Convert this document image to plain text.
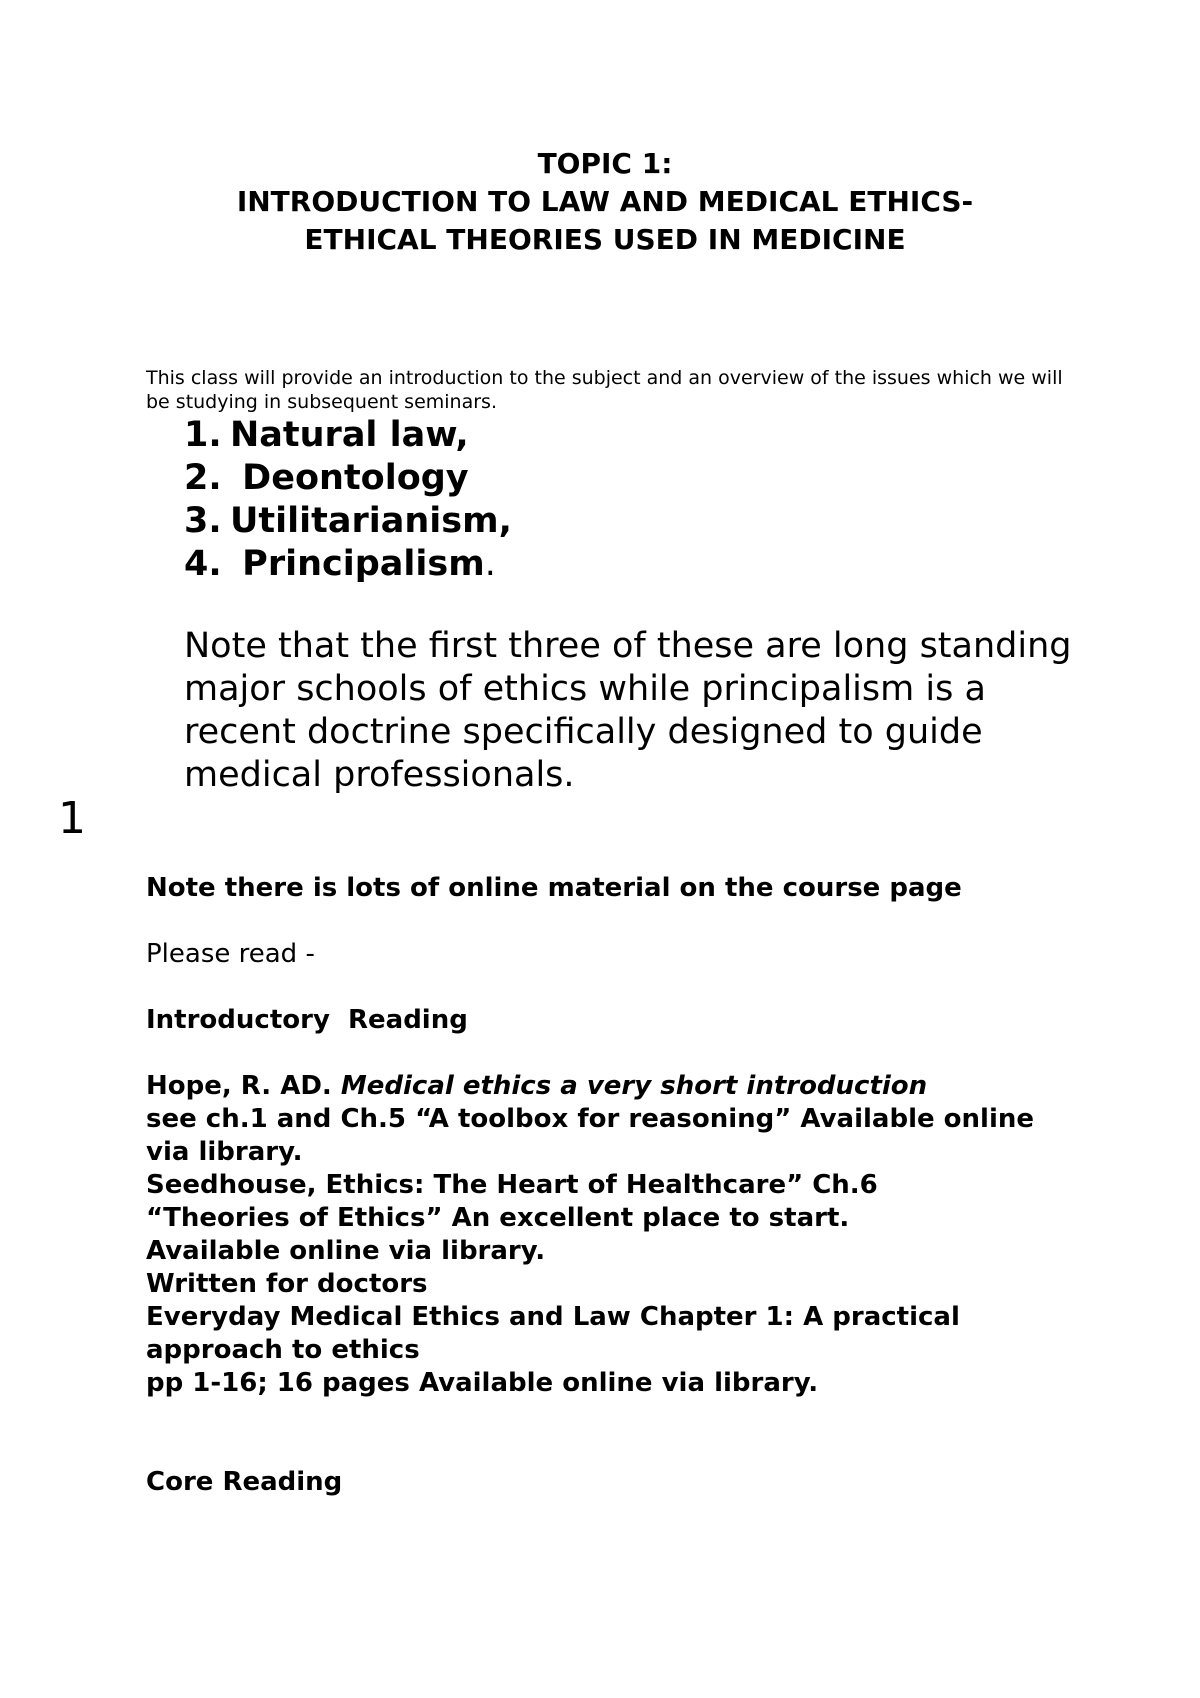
TOPIC 1:
INTRODUCTION TO LAW AND MEDICAL ETHICS-
ETHICAL THEORIES USED IN MEDICINE
This class will provide an introduction to the subject and an overview of the issues which we will be studying in subsequent seminars.
1. Natural law,
2. Deontology
3. Utilitarianism,
4. Principalism .
Note that the first three of these are long standing major schools of ethics while principalism is a recent doctrine specifically designed to guide medical professionals.
1

Note there is lots of online material on the course page

Please read -

Introductory  Reading

Hope, R. AD. Medical ethics a very short introduction

see ch.1 and Ch.5 “A toolbox for reasoning” Available online via library.

Seedhouse, Ethics: The Heart of Healthcare” Ch.6

“Theories of Ethics” An excellent place to start.

Available online via library.

Written for doctors

Everyday Medical Ethics and Law Chapter 1: A practical approach to ethics

pp 1-16; 16 pages Available online via library.

Core Reading
